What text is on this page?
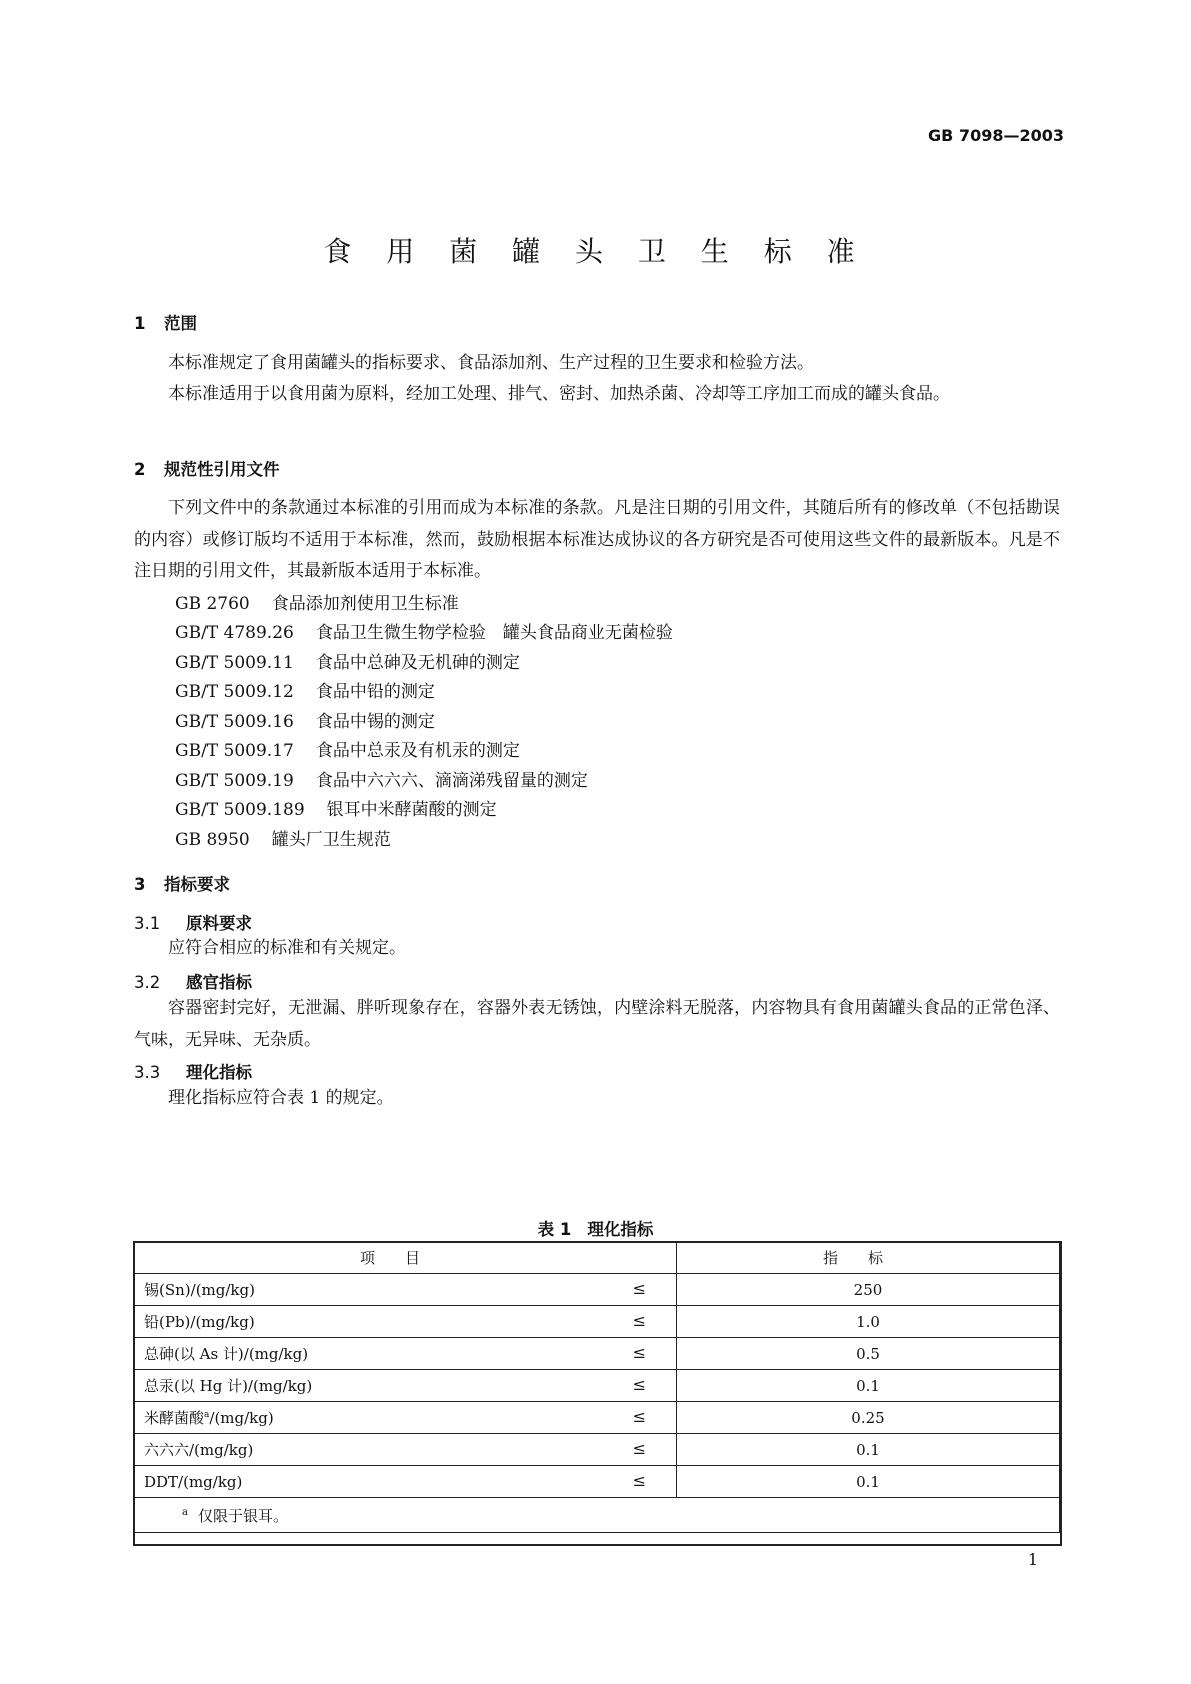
GB 7098—2003
食 用 菌 罐 头 卫 生 标 准
1 范围
本标准规定了食用菌罐头的指标要求、食品添加剂、生产过程的卫生要求和检验方法。
本标准适用于以食用菌为原料，经加工处理、排气、密封、加热杀菌、冷却等工序加工而成的罐头食品。
2 规范性引用文件
下列文件中的条款通过本标准的引用而成为本标准的条款。凡是注日期的引用文件，其随后所有的修改单（不包括勘误的内容）或修订版均不适用于本标准，然而，鼓励根据本标准达成协议的各方研究是否可使用这些文件的最新版本。凡是不注日期的引用文件，其最新版本适用于本标准。
GB 2760 食品添加剂使用卫生标准
GB/T 4789.26 食品卫生微生物学检验　罐头食品商业无菌检验
GB/T 5009.11 食品中总砷及无机砷的测定
GB/T 5009.12 食品中铅的测定
GB/T 5009.16 食品中锡的测定
GB/T 5009.17 食品中总汞及有机汞的测定
GB/T 5009.19 食品中六六六、滴滴涕残留量的测定
GB/T 5009.189 银耳中米酵菌酸的测定
GB 8950 罐头厂卫生规范
3 指标要求
3.1 原料要求
应符合相应的标准和有关规定。
3.2 感官指标
容器密封完好，无泄漏、胖听现象存在，容器外表无锈蚀，内壁涂料无脱落，内容物具有食用菌罐头食品的正常色泽、气味，无异味、无杂质。
3.3 理化指标
理化指标应符合表 1 的规定。
表 1 理化指标
项目	指标
锡(Sn)/(mg/kg) ≤	250
铅(Pb)/(mg/kg) ≤	1.0
总砷(以 As 计)/(mg/kg) ≤	0.5
总汞(以 Hg 计)/(mg/kg) ≤	0.1
米酵菌酸$^a$/(mg/kg) ≤	0.25
六六六/(mg/kg) ≤	0.1
DDT/(mg/kg) ≤	0.1
$^a$ 仅限于银耳。	
1
